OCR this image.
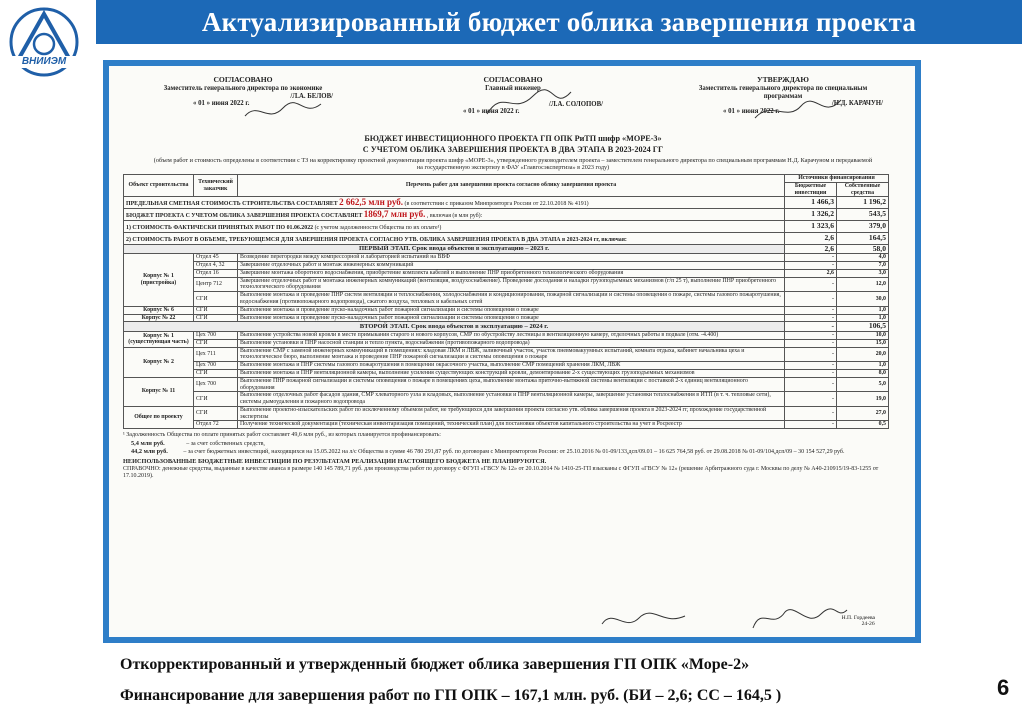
ВНИИЭМ
Актуализированный бюджет облика завершения проекта
СОГЛАСОВАНО
Заместитель генерального директора по экономике
/Л.А. БЕЛОВ/
« 01 » июня 2022 г.
СОГЛАСОВАНО
Главный инженер
/Л.А. СОЛОПОВ/
« 01 » июня 2022 г.
УТВЕРЖДАЮ
Заместитель генерального директора по специальным программам
/Н.Д. КАРАЧУН/
« 01 » июня 2022 г.
БЮДЖЕТ ИНВЕСТИЦИОННОГО ПРОЕКТА ГП ОПК РиТП шифр «МОРЕ-3»
С УЧЕТОМ ОБЛИКА ЗАВЕРШЕНИЯ ПРОЕКТА В ДВА ЭТАПА В 2023-2024 ГГ
(объем работ и стоимость определены в соответствии с ТЗ на корректировку проектной документации проекта шифр «МОРЕ-3», утвержденного руководителем проекта – заместителем генерального директора по специальным программам Н.Д. Карачуном и передаваемой на государственную экспертизу в ФАУ «Главгосэкспертиза» в 2023 году)
Объект строительства	Технический заказчик	Перечень работ для завершения проекта согласно облику завершения проекта	Источники финансирования	
			Бюджетные инвестиции	Собственные средства
ПРЕДЕЛЬНАЯ СМЕТНАЯ СТОИМОСТЬ СТРОИТЕЛЬСТВА СОСТАВЛЯЕТ 2 662,5 млн руб. (в соответствии с приказом Минпромторга России от 22.10.2018 № 4191)			1 466,3	1 196,2
БЮДЖЕТ ПРОЕКТА С УЧЕТОМ ОБЛИКА ЗАВЕРШЕНИЯ ПРОЕКТА СОСТАВЛЯЕТ 1869,7 млн руб. , включая (в млн руб):			1 326,2	543,5
1) СТОИМОСТЬ ФАКТИЧЕСКИ ПРИНЯТЫХ РАБОТ ПО 01.06.2022 (с учетом задолженности Общества по их оплате¹)			1 323,6	379,0
2) СТОИМОСТЬ РАБОТ В ОБЪЕМЕ, ТРЕБУЮЩЕМСЯ ДЛЯ ЗАВЕРШЕНИЯ ПРОЕКТА СОГЛАСНО УТВ. ОБЛИКА ЗАВЕРШЕНИЯ ПРОЕКТА В ДВА ЭТАПА в 2023-2024 гг, включая:			2,6	164,5
ПЕРВЫЙ ЭТАП. Срок ввода объектов в эксплуатацию – 2023 г.			2,6	58,0
Корпус № 1 (пристройка)	Отдел 45	Возведение перегородки между компрессорной и лабораторией испытаний на ВВФ	-	4,0
	Отдел 4, 32	Завершение отделочных работ и монтаж инженерных коммуникаций	-	7,0
	Отдел 16	Завершение монтажа оборотного водоснабжения, приобретение комплекта кабелей и выполнение ПНР приобретенного технологического оборудования	2,6	3,0
	Центр 712	Завершение отделочных работ и монтажа инженерных коммуникаций (вентиляция, воздухоснабжение). Проведение досоздания и наладки грузоподъемных механизмов (г/п 25 т), выполнение ПНР приобретенного технологического оборудования	-	12,0
	СГИ	Выполнение монтажа и проведение ПНР систем вентиляции и теплоснабжения, холодоснабжения и кондиционирования, пожарной сигнализации и системы оповещения о пожаре, системы газового пожаротушения, водоснабжения (противопожарного водопровода), сжатого воздуха, тепловых и кабельных сетей	-	30,0
Корпус № 6	СГИ	Выполнение монтажа и проведение пуско-наладочных работ пожарной сигнализации и системы оповещения о пожаре	-	1,0
Корпус № 22	СГИ	Выполнение монтажа и проведение пуско-наладочных работ пожарной сигнализации и системы оповещения о пожаре	-	1,0
ВТОРОЙ ЭТАП. Срок ввода объектов в эксплуатацию – 2024 г.			-	106,5
Корпус № 1 (существующая часть)	Цех 700	Выполнение устройства новой кровли в месте примыкания старого и нового корпусов, СМР по обустройству лестницы в вентиляционную камеру, отделочных работы в подвале (отм. -4.400)	-	10,0
	СГИ	Выполнение установки и ПНР насосной станции и тепло пункта, водоснабжения (противопожарного водопровода)	-	15,0
Корпус № 2	Цех 711	Выполнение СМР с заменой инженерных коммуникаций в помещениях: кладовая ЛКМ и ЛВЖ, заливочный участок, участок пневмовакуумных испытаний, комната отдыха, кабинет начальника цеха и технологическое бюро, выполнение монтажа и проведение ПНР пожарной сигнализации и системы оповещения о пожаре	-	20,0
	Цех 700	Выполнение монтажа и ПНР системы газового пожаротушения в помещении окрасочного участка, выполнение СМР помещений хранения ЛКМ, ЛВЖ	-	1,0
	СГИ	Выполнение монтажа и ПНР вентиляционной камеры, выполнение усиления существующих конструкций кровли, демонтирование 2-х существующих грузоподъемных механизмов	-	8,0
Корпус № 11	Цех 700	Выполнение ПНР пожарной сигнализации и системы оповещения о пожаре в помещениях цеха, выполнение монтажа приточно-вытяжной системы вентиляции с поставкой 2-х единиц вентиляционного оборудования	-	5,0
	СГИ	Выполнение отделочных работ фасадов здания, СМР хлеваторного узла и кладовых, выполнение установки и ПНР вентиляционной камеры, завершение установки теплоснабжения в ИТП (в т. ч. тепловые сети), системы дымоудаления и пожарного водопровода	-	19,0
Общее по проекту	СГИ	Выполнение проектно-изыскательских работ по исключенному объемом работ, не требующихся для завершения проекта согласно утв. облика завершения проекта в 2023-2024 гг, прохождение государственной экспертизы	-	27,0
	Отдел 72	Получение технической документации (техническая инвентаризация помещений, технический план) для постановки объектов капитального строительства на учет в Росреестр	-	0,5
¹ Задолженность Общества по оплате принятых работ составляет 49,6 млн руб., из которых планируется профинансировать:
5,4 млн руб.	– за счет собственных средств,
44,2 млн руб.	– за счет бюджетных инвестиций, находящихся на 15.05.2022 на л/с Общества в сумме 46 780 291,87 руб. по договорам с Минпромторгом России: от 25.10.2016 № 01-09/133,дсп/09.01 – 16 625 764,58 руб. от 29.08.2018 № 01-09/104,дсп/09 – 30 154 527,29 руб.
НЕИСПОЛЬЗОВАННЫЕ БЮДЖЕТНЫЕ ИНВЕСТИЦИИ ПО РЕЗУЛЬТАТАМ РЕАЛИЗАЦИИ НАСТОЯЩЕГО БЮДЖЕТА НЕ ПЛАНИРУЮТСЯ.
СПРАВОЧНО: денежные средства, выданные в качестве аванса в размере 140 145 789,71 руб. для производства работ по договору с ФГУП «ГВСУ № 12» от 20.10.2014 № 1410-25-ГП взысканы с ФГУП «ГВСУ № 12» (решение Арбитражного суда г. Москвы по делу № А40-210915/19-83-1255 от 17.10.2019).
Н.П. Гордеева
24-26
Откорректированный и утвержденный бюджет облика завершения ГП ОПК «Море-2»
Финансирование для завершения работ по ГП ОПК – 167,1 млн. руб. (БИ – 2,6; СС – 164,5 )	6
